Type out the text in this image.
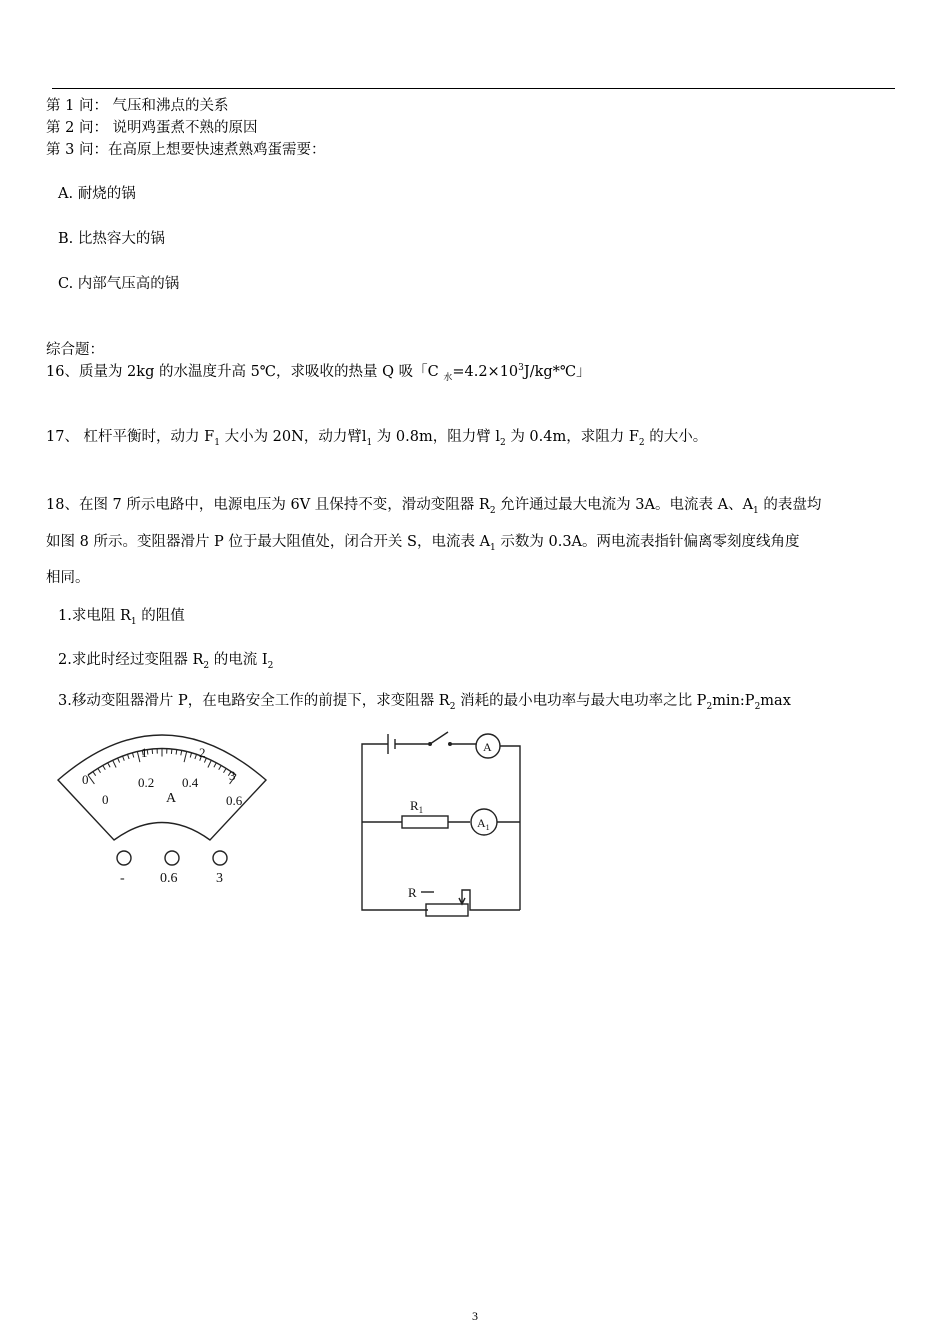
第 1 问： 气压和沸点的关系
第 2 问： 说明鸡蛋煮不熟的原因
第 3 问：在高原上想要快速煮熟鸡蛋需要：
A. 耐烧的锅
B. 比热容大的锅
C. 内部气压高的锅
综合题：
16、质量为 2kg 的水温度升高 5℃，求吸收的热量 Q 吸「C $_水=4.2\times 10^3J/kg*℃$」
17、 杠杆平衡时，动力 $F_1$ 大小为 20N，动力臂$l_1$ 为 0.8m，阻力臂 $l_2$ 为 0.4m，求阻力 $F_2$ 的大小。
18、在图 7 所示电路中，电源电压为 6V 且保持不变，滑动变阻器 $R_2$ 允许通过最大电流为 3A。电流表 A、$A_1$ 的表盘均
如图 8 所示。变阻器滑片 P 位于最大阻值处，闭合开关 S，电流表 $A_1$ 示数为 0.3A。两电流表指针偏离零刻度线角度
相同。
1.求电阻 $R_1$ 的阻值
2.求此时经过变阻器 $R_2$ 的电流 $I_2$
3.移动变阻器滑片 P，在电路安全工作的前提下，求变阻器 $R_2$ 消耗的最小电功率与最大电功率之比 $P_2\min:P_2\max$
0
1	2
3
0
0.2 0.4
0.6
A
-	0.6	3
A
$R_1$
$A_1$
R
3
